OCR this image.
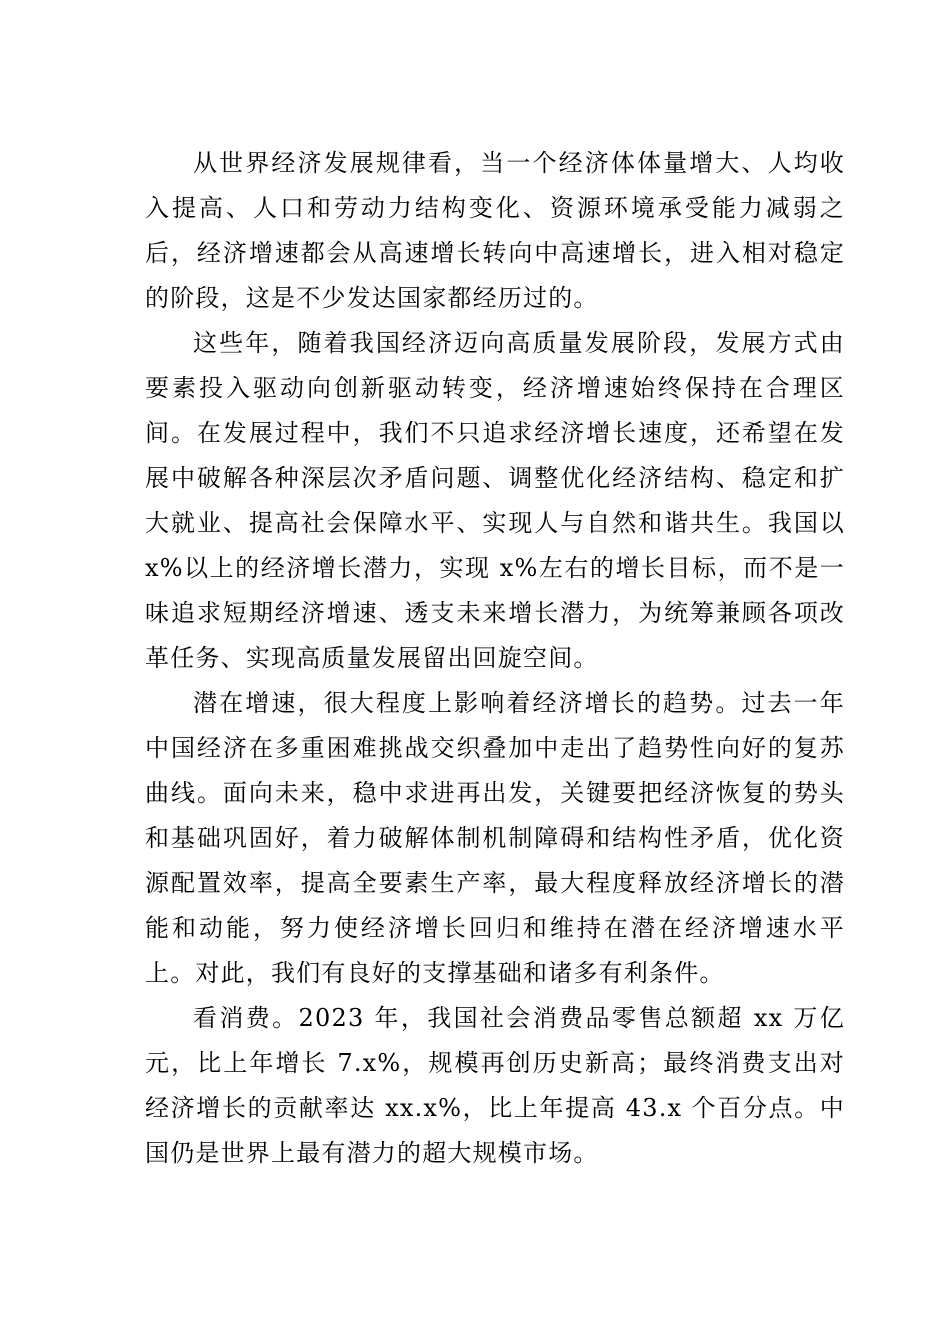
从世界经济发展规律看，当一个经济体体量增大、人均收入提高、人口和劳动力结构变化、资源环境承受能力减弱之后，经济增速都会从高速增长转向中高速增长，进入相对稳定的阶段，这是不少发达国家都经历过的。

这些年，随着我国经济迈向高质量发展阶段，发展方式由要素投入驱动向创新驱动转变，经济增速始终保持在合理区间。在发展过程中，我们不只追求经济增长速度，还希望在发展中破解各种深层次矛盾问题、调整优化经济结构、稳定和扩大就业、提高社会保障水平、实现人与自然和谐共生。我国以 x%以上的经济增长潜力，实现 x%左右的增长目标，而不是一味追求短期经济增速、透支未来增长潜力，为统筹兼顾各项改革任务、实现高质量发展留出回旋空间。

潜在增速，很大程度上影响着经济增长的趋势。过去一年中国经济在多重困难挑战交织叠加中走出了趋势性向好的复苏曲线。面向未来，稳中求进再出发，关键要把经济恢复的势头和基础巩固好，着力破解体制机制障碍和结构性矛盾，优化资源配置效率，提高全要素生产率，最大程度释放经济增长的潜能和动能，努力使经济增长回归和维持在潜在经济增速水平上。对此，我们有良好的支撑基础和诸多有利条件。

看消费。2023 年，我国社会消费品零售总额超 xx 万亿元，比上年增长 7.x%，规模再创历史新高；最终消费支出对经济增长的贡献率达 xx.x%，比上年提高 43.x 个百分点。中国仍是世界上最有潜力的超大规模市场。
